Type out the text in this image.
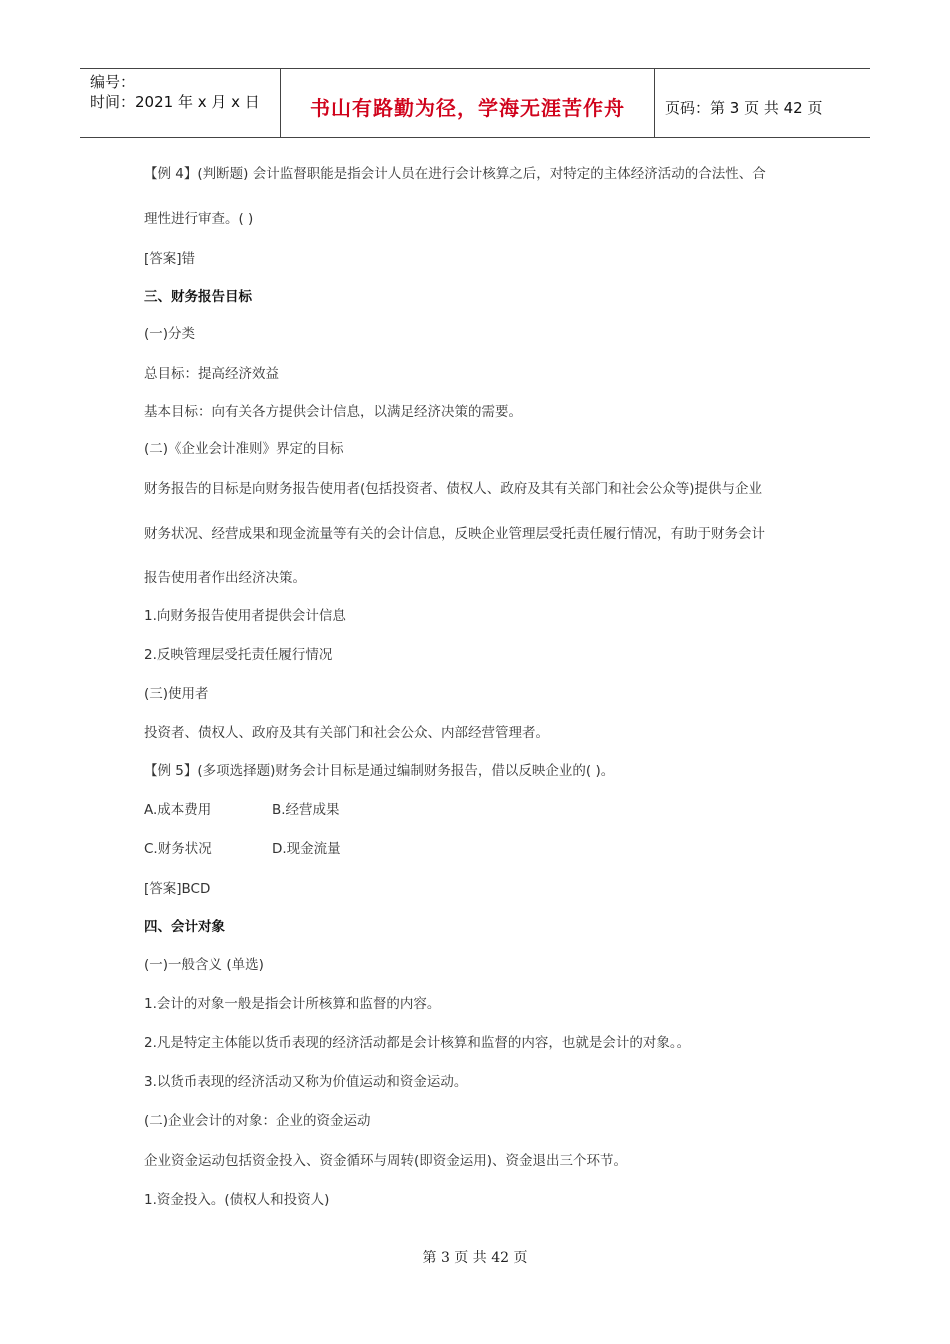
编号：
时间：2021 年 x 月 x 日	书山有路勤为径，学海无涯苦作舟	页码：第 3 页 共 42 页
【例 4】(判断题) 会计监督职能是指会计人员在进行会计核算之后，对特定的主体经济活动的合法性、合
理性进行审查。( )
[答案]错
三、财务报告目标
(一)分类
总目标：提高经济效益
基本目标：向有关各方提供会计信息，以满足经济决策的需要。
(二)《企业会计准则》界定的目标
财务报告的目标是向财务报告使用者(包括投资者、债权人、政府及其有关部门和社会公众等)提供与企业
财务状况、经营成果和现金流量等有关的会计信息，反映企业管理层受托责任履行情况，有助于财务会计
报告使用者作出经济决策。
1.向财务报告使用者提供会计信息
2.反映管理层受托责任履行情况
(三)使用者
投资者、债权人、政府及其有关部门和社会公众、内部经营管理者。
【例 5】(多项选择题)财务会计目标是通过编制财务报告，借以反映企业的( )。
A.成本费用	B.经营成果
C.财务状况	D.现金流量
[答案]BCD
四、会计对象
(一)一般含义 (单选)
1.会计的对象一般是指会计所核算和监督的内容。
2.凡是特定主体能以货币表现的经济活动都是会计核算和监督的内容，也就是会计的对象。。
3.以货币表现的经济活动又称为价值运动和资金运动。
(二)企业会计的对象：企业的资金运动
企业资金运动包括资金投入、资金循环与周转(即资金运用)、资金退出三个环节。
1.资金投入。(债权人和投资人)
第 3 页 共 42 页
